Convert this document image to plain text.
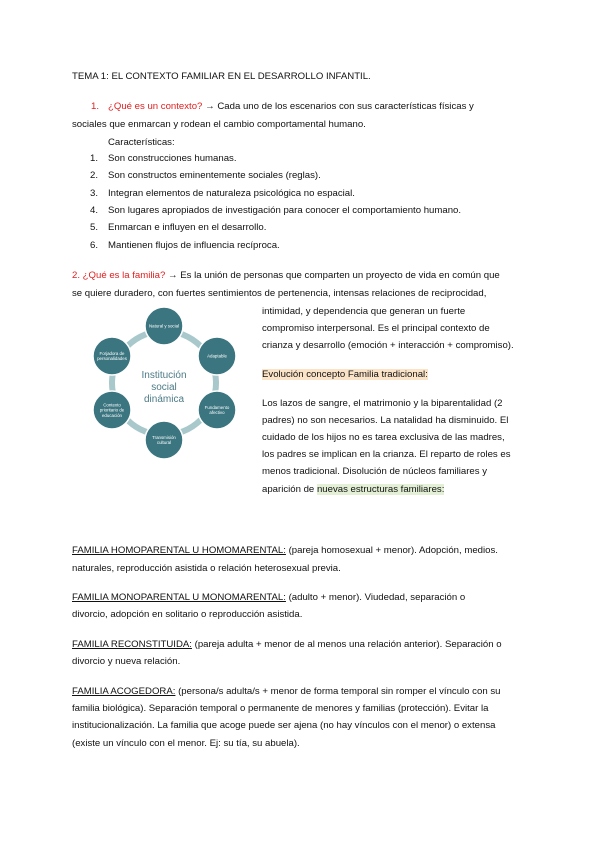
TEMA 1: EL CONTEXTO FAMILIAR EN EL DESARROLLO INFANTIL.
1. ¿Qué es un contexto? → Cada uno de los escenarios con sus características físicas y
sociales que enmarcan y rodean el cambio comportamental humano.
Características:
1.	Son construcciones humanas.
2.	Son constructos eminentemente sociales (reglas).
3.	Integran elementos de naturaleza psicológica no espacial.
4.	Son lugares apropiados de investigación para conocer el comportamiento humano.
5.	Enmarcan e influyen en el desarrollo.
6.	Mantienen flujos de influencia recíproca.
2. ¿Qué es la familia? → Es la unión de personas que comparten un proyecto de vida en común que
se quiere duradero, con fuertes sentimientos de pertenencia, intensas relaciones de reciprocidad,
intimidad, y dependencia que generan un fuerte
compromiso interpersonal. Es el principal contexto de
crianza y desarrollo (emoción + interacción + compromiso).
Evolución concepto Familia tradicional:
Los lazos de sangre, el matrimonio y la biparentalidad (2
padres) no son necesarios. La natalidad ha disminuido. El
cuidado de los hijos no es tarea exclusiva de las madres,
los padres se implican en la crianza. El reparto de roles es
menos tradicional. Disolución de núcleos familiares y
aparición de nuevas estructuras familiares:
Institución
social
dinámica
Natural y social
Adaptable
Fundamento
afectivo
Transmisión
cultural
Contexto
prioritario de
educación
Forjadora de
personalidades
FAMILIA HOMOPARENTAL U HOMOMARENTAL: (pareja homosexual + menor). Adopción, medios.
naturales, reproducción asistida o relación heterosexual previa.
FAMILIA MONOPARENTAL U MONOMARENTAL: (adulto + menor). Viudedad, separación o
divorcio, adopción en solitario o reproducción asistida.
FAMILIA RECONSTITUIDA: (pareja adulta + menor de al menos una relación anterior). Separación o
divorcio y nueva relación.
FAMILIA ACOGEDORA: (persona/s adulta/s + menor de forma temporal sin romper el vínculo con su
familia biológica). Separación temporal o permanente de menores y familias (protección). Evitar la
institucionalización. La familia que acoge puede ser ajena (no hay vínculos con el menor) o extensa
(existe un vínculo con el menor. Ej: su tía, su abuela).
